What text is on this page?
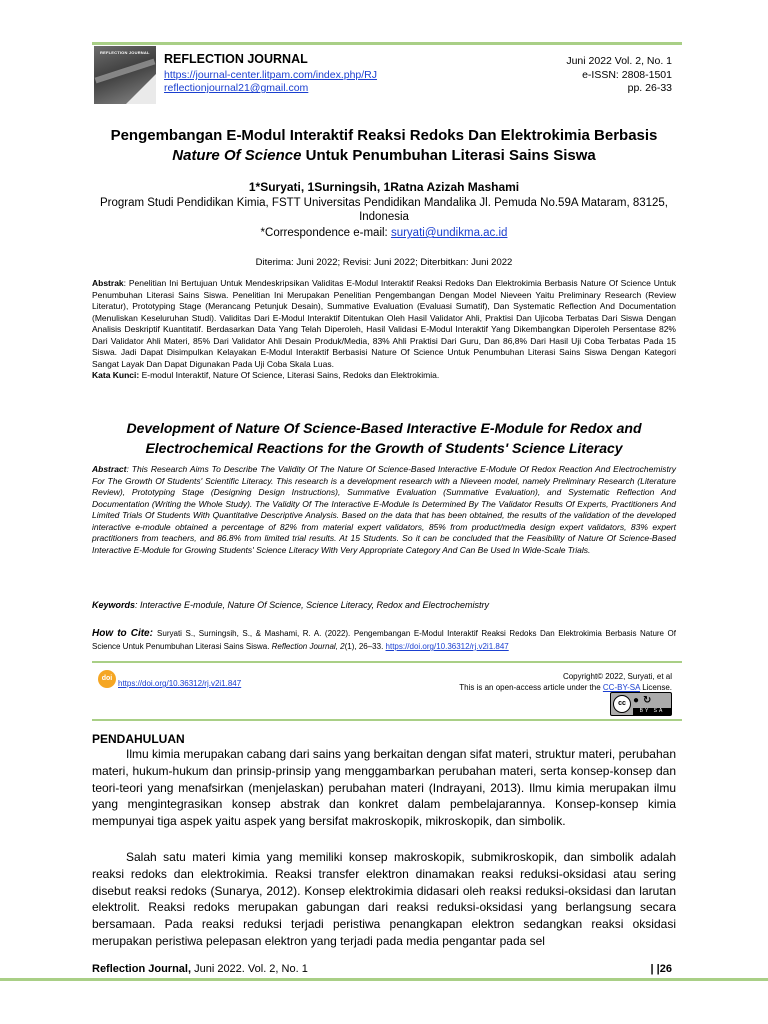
REFLECTION JOURNAL REFLECTION JOURNAL
https://journal-center.litpam.com/index.php/RJ
reflectionjournal21@gmail.com
Juni 2022 Vol. 2, No. 1
e-ISSN: 2808-1501
pp. 26-33
Pengembangan E-Modul Interaktif Reaksi Redoks Dan Elektrokimia Berbasis
Nature Of Science Untuk Penumbuhan Literasi Sains Siswa
1*Suryati, 1Surningsih, 1Ratna Azizah Mashami
Program Studi Pendidikan Kimia, FSTT Universitas Pendidikan Mandalika Jl. Pemuda No.59A Mataram, 83125,
Indonesia
*Correspondence e-mail: suryati@undikma.ac.id
Diterima: Juni 2022; Revisi: Juni 2022; Diterbitkan: Juni 2022
Abstrak: Penelitian Ini Bertujuan Untuk Mendeskripsikan Validitas E-Modul Interaktif Reaksi Redoks Dan Elektrokimia Berbasis Nature Of Science Untuk Penumbuhan Literasi Sains Siswa. Penelitian Ini Merupakan Penelitian Pengembangan Dengan Model Nieveen Yaitu Preliminary Research (Review Literatur), Prototyping Stage (Merancang Petunjuk Desain), Summative Evaluation (Evaluasi Sumatif), Dan Systematic Reflection And Documentation (Menuliskan Keseluruhan Studi). Validitas Dari E-Modul Interaktif Ditentukan Oleh Hasil Validator Ahli, Praktisi Dan Ujicoba Terbatas Dari Siswa Dengan Analisis Deskriptif Kuantitatif. Berdasarkan Data Yang Telah Diperoleh, Hasil Validasi E-Modul Interaktif Yang Dikembangkan Diperoleh Persentase 82% Dari Validator Ahli Materi, 85% Dari Validator Ahli Desain Produk/Media, 83% Ahli Praktisi Dari Guru, Dan 86,8% Dari Hasil Uji Coba Terbatas Pada 15 Siswa. Jadi Dapat Disimpulkan Kelayakan E-Modul Interaktif Berbasisi Nature Of Science Untuk Penumbuhan Literasi Sains Siswa Dengan Kategori Sangat Layak Dan Dapat Digunakan Pada Uji Coba Skala Luas.
Kata Kunci: E-modul Interaktif, Nature Of Science, Literasi Sains, Redoks dan Elektrokimia.
Development of Nature Of Science-Based Interactive E-Module for Redox and
Electrochemical Reactions for the Growth of Students' Science Literacy
Abstract: This Research Aims To Describe The Validity Of The Nature Of Science-Based Interactive E-Module Of Redox Reaction And Electrochemistry For The Growth Of Students' Scientific Literacy. This research is a development research with a Nieveen model, namely Preliminary Research (Literature Review), Prototyping Stage (Designing Design Instructions), Summative Evaluation (Summative Evaluation), and Systematic Reflection And Documentation (Writing the Whole Study). The Validity Of The Interactive E-Module Is Determined By The Validator Results Of Experts, Practitioners And Limited Trials Of Students With Quantitative Descriptive Analysis. Based on the data that has been obtained, the results of the validation of the developed interactive e-module obtained a percentage of 82% from material expert validators, 85% from product/media design expert validators, 83% expert practitioners from teachers, and 86.8% from limited trial results. At 15 Students. So it can be concluded that the Feasibility of Nature Of Science-Based Interactive E-Module for Growing Students' Science Literacy With Very Appropriate Category And Can Be Used In Wide-Scale Trials.
Keywords: Interactive E-module, Nature Of Science, Science Literacy, Redox and Electrochemistry
How to Cite: Suryati S., Surningsih, S., & Mashami, R. A. (2022). Pengembangan E-Modul Interaktif Reaksi Redoks Dan Elektrokimia Berbasis Nature Of Science Untuk Penumbuhan Literasi Sains Siswa. Reflection Journal, 2(1), 26–33. https://doi.org/10.36312/rj.v2i1.847
doi
https://doi.org/10.36312/rj.v2i1.847
Copyright© 2022, Suryati, et al
This is an open-access article under the CC-BY-SA License.
cc ●↻
BY SA
PENDAHULUAN

Ilmu kimia merupakan cabang dari sains yang berkaitan dengan sifat materi, struktur materi, perubahan materi, hukum-hukum dan prinsip-prinsip yang menggambarkan perubahan materi, serta konsep-konsep dan teori-teori yang menafsirkan (menjelaskan) perubahan materi (Indrayani, 2013). Ilmu kimia merupakan ilmu yang mengintegrasikan konsep abstrak dan konkret dalam pembelajarannya. Konsep-konsep kimia mempunyai tiga aspek yaitu aspek yang bersifat makroskopik, mikroskopik, dan simbolik.

Salah satu materi kimia yang memiliki konsep makroskopik, submikroskopik, dan simbolik adalah reaksi redoks dan elektrokimia. Reaksi transfer elektron dinamakan reaksi reduksi-oksidasi atau sering disebut reaksi redoks (Sunarya, 2012). Konsep elektrokimia didasari oleh reaksi reduksi-oksidasi dan larutan elektrolit. Reaksi redoks merupakan gabungan dari reaksi reduksi-oksidasi yang berlangsung secara bersamaan. Pada reaksi reduksi terjadi peristiwa penangkapan elektron sedangkan reaksi oksidasi merupakan peristiwa pelepasan elektron yang terjadi pada media pengantar pada sel

Reflection Journal, Juni 2022. Vol. 2, No. 1	| |26
